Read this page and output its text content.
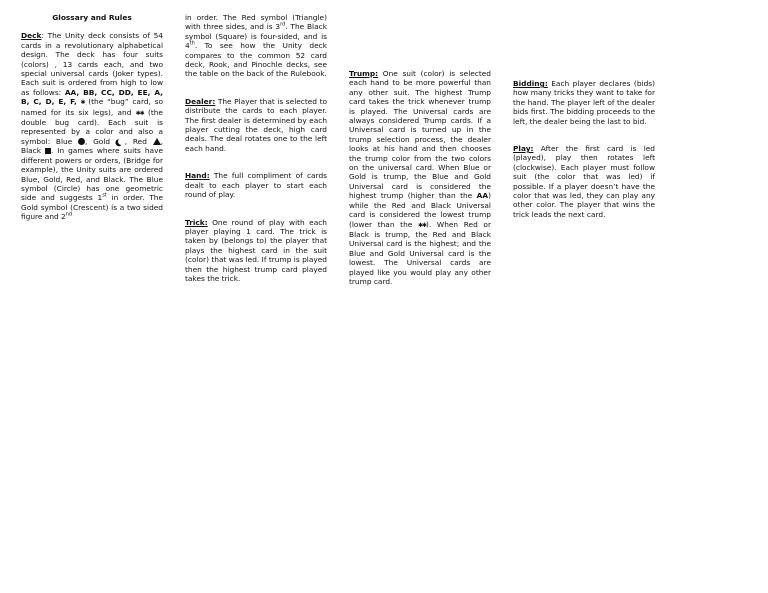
Glossary and Rules

Deck: The Unity deck consists of 54 cards in a revolutionary alphabetical design. The deck has four suits (colors) , 13 cards each, and two special universal cards (Joker types). Each suit is ordered from high to low as follows: AA, BB, CC, DD, EE, A, B, C, D, E, F, ✱ (the “bug” card, so named for its six legs), and ✱✱ (the double bug card). Each suit is represented by a color and also a symbol: Blue , Gold , Red , Black . In games where suits have different powers or orders, (Bridge for example), the Unity suits are ordered Blue, Gold, Red, and Black. The Blue symbol (Circle) has one geometric side and suggests 1st in order. The Gold symbol (Crescent) is a two sided figure and 2nd

in order. The Red symbol (Triangle) with three sides, and is 3rd. The Black symbol (Square) is four-sided, and is 4th. To see how the Unity deck compares to the common 52 card deck, Rook, and Pinochle decks, see the table on the back of the Rulebook.

Dealer: The Player that is selected to distribute the cards to each player. The first dealer is determined by each player cutting the deck, high card deals. The deal rotates one to the left each hand.

Hand: The full compliment of cards dealt to each player to start each round of play.

Trick: One round of play with each player playing 1 card. The trick is taken by (belongs to) the player that plays the highest card in the suit (color) that was led. If trump is played then the highest trump card played takes the trick.

Trump: One suit (color) is selected each hand to be more powerful than any other suit. The highest Trump card takes the trick whenever trump is played. The Universal cards are always considered Trump cards. If a Universal card is turned up in the trump selection process, the dealer looks at his hand and then chooses the trump color from the two colors on the universal card. When Blue or Gold is trump, the Blue and Gold Universal card is considered the highest trump (higher than the AA) while the Red and Black Universal card is considered the lowest trump (lower than the ✱✱). When Red or Black is trump, the Red and Black Universal card is the highest; and the Blue and Gold Universal card is the lowest. The Universal cards are played like you would play any other trump card.

Bidding: Each player declares (bids) how many tricks they want to take for the hand. The player left of the dealer bids first. The bidding proceeds to the left, the dealer being the last to bid.

Play: After the first card is led (played), play then rotates left (clockwise). Each player must follow suit (the color that was led) if possible. If a player doesn’t have the color that was led, they can play any other color. The player that wins the trick leads the next card.
